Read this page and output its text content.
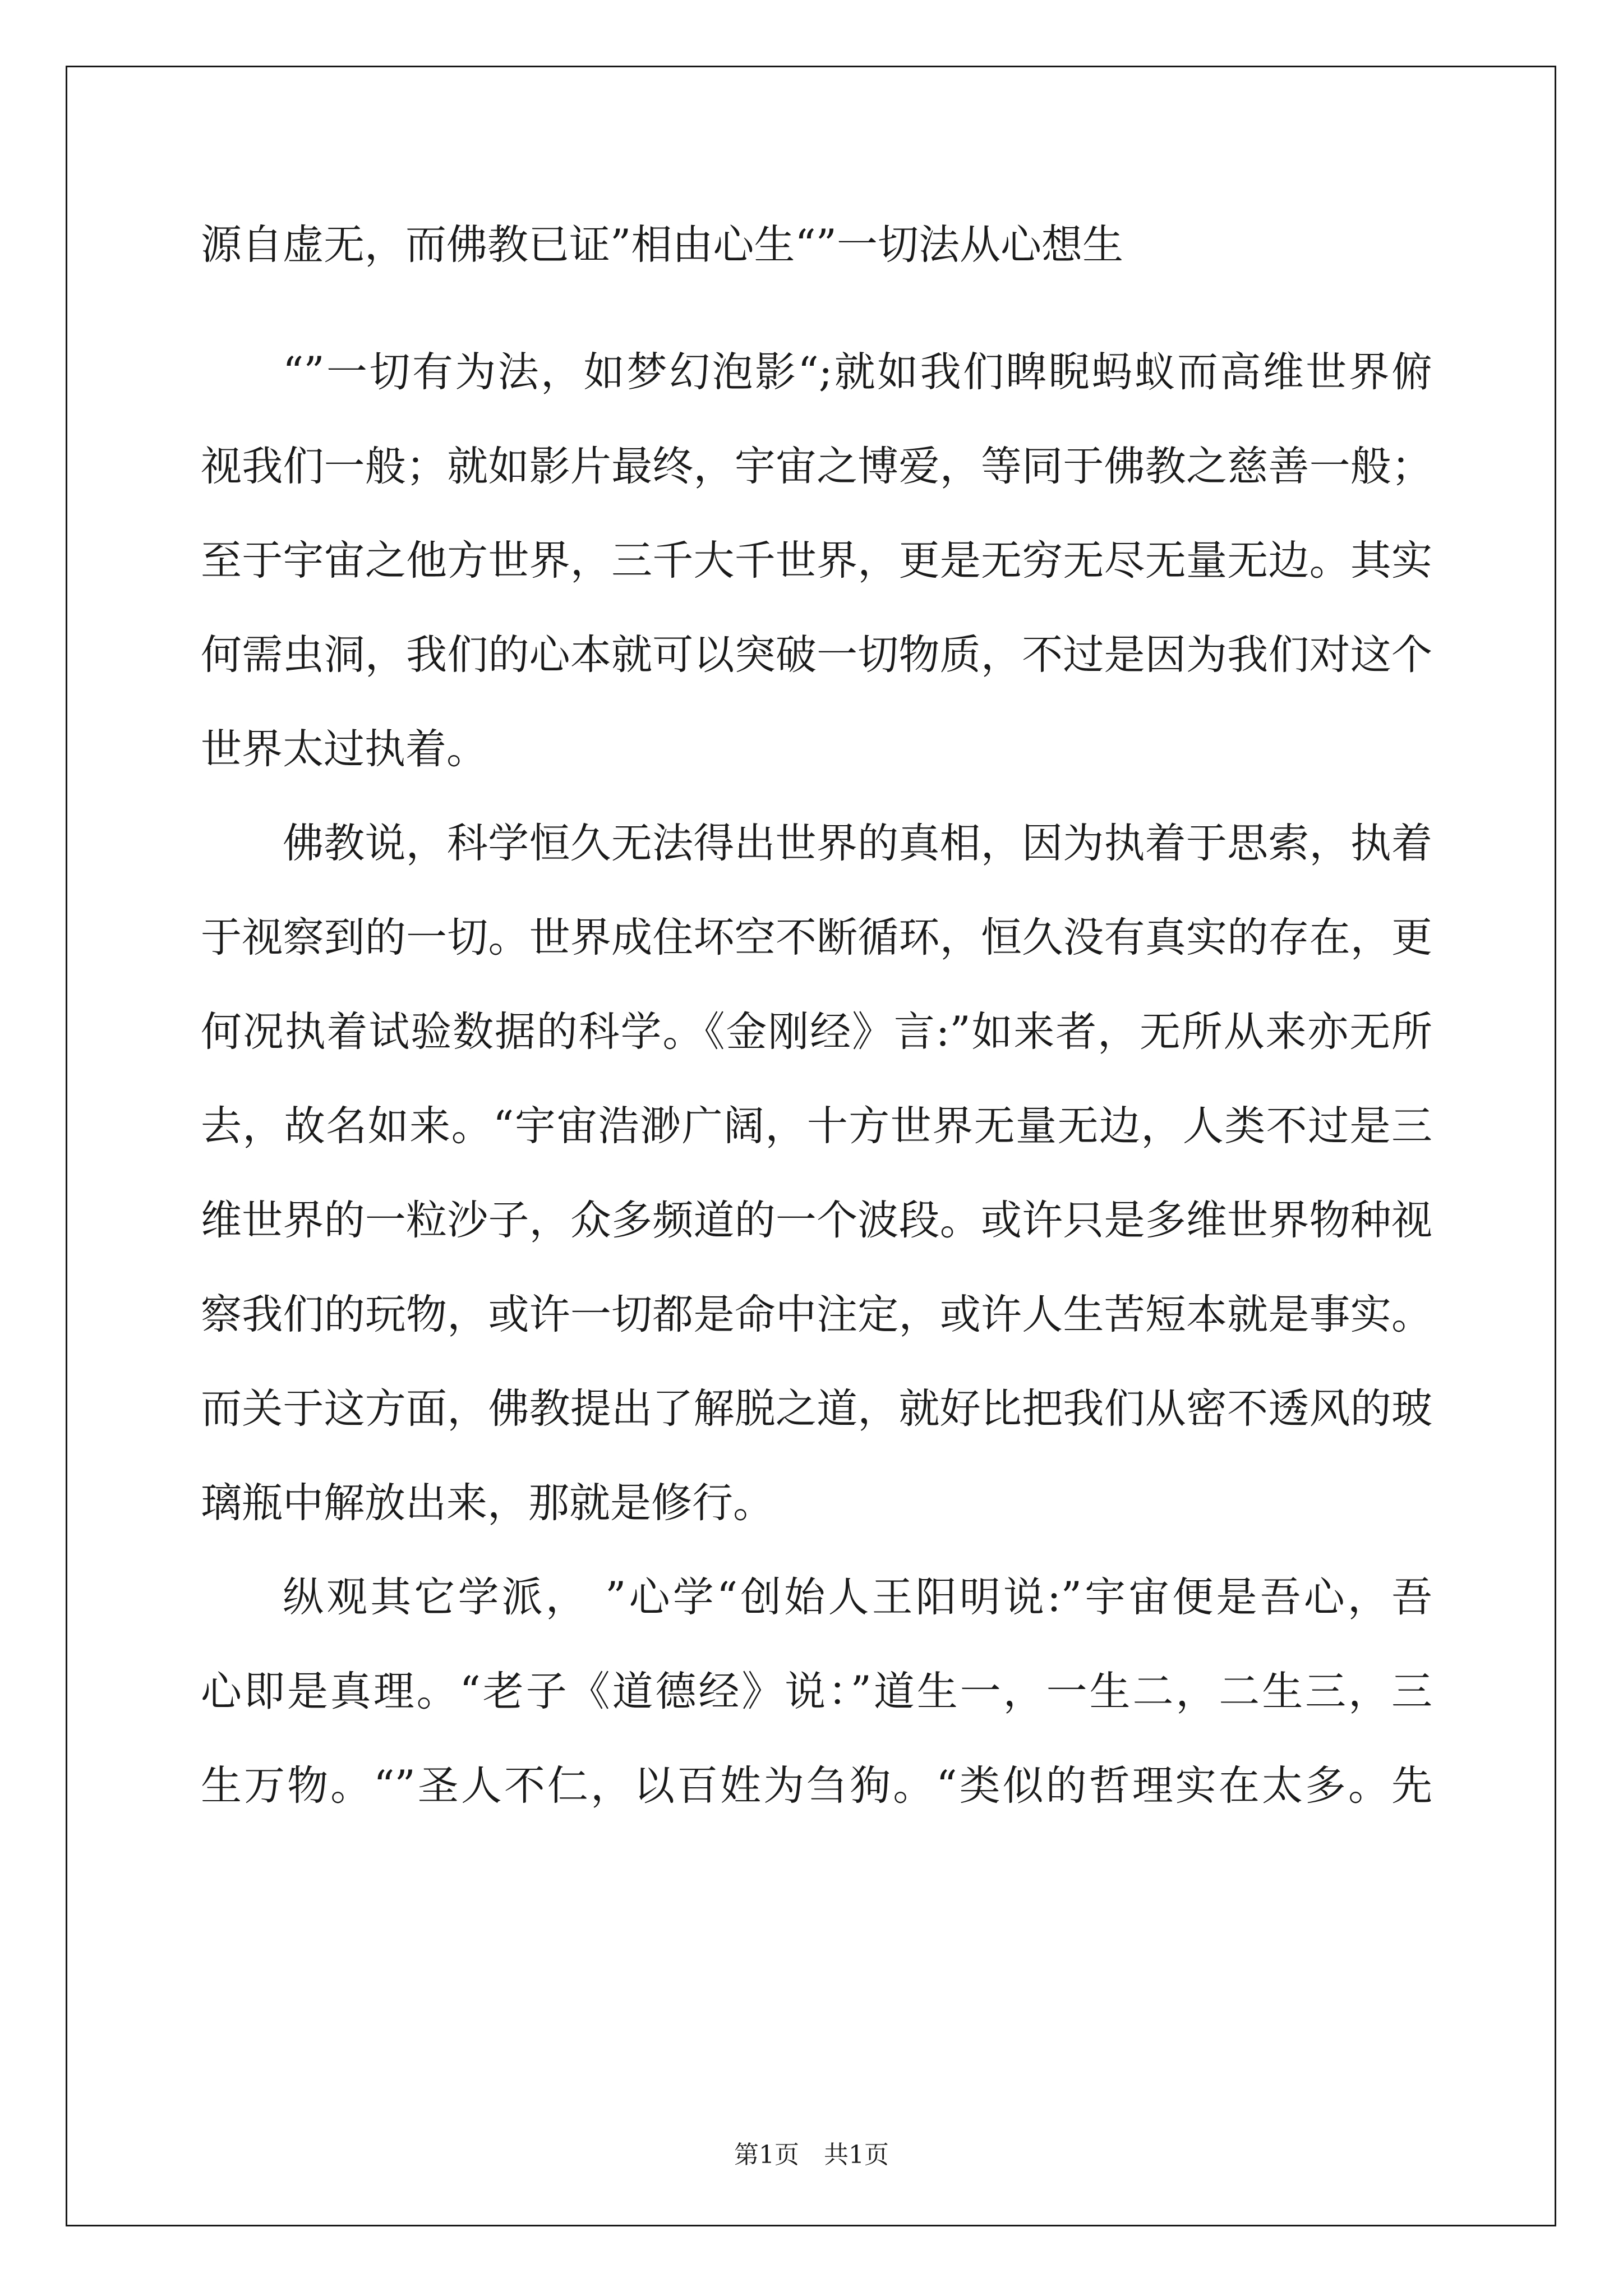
源自虚无，而佛教已证”相由心生“”一切法从心想生
“”一切有为法，如梦幻泡影“;就如我们睥睨蚂蚁而高维世界俯
视我们一般；就如影片最终，宇宙之博爱，等同于佛教之慈善一般；
至于宇宙之他方世界，三千大千世界，更是无穷无尽无量无边。其实
何需虫洞，我们的心本就可以突破一切物质，不过是因为我们对这个
世界太过执着。
佛教说，科学恒久无法得出世界的真相，因为执着于思索，执着
于视察到的一切。世界成住坏空不断循环，恒久没有真实的存在，更
何况执着试验数据的科学。《金刚经》言:”如来者，无所从来亦无所
去，故名如来。“宇宙浩渺广阔，十方世界无量无边，人类不过是三
维世界的一粒沙子，众多频道的一个波段。或许只是多维世界物种视
察我们的玩物，或许一切都是命中注定，或许人生苦短本就是事实。
而关于这方面，佛教提出了解脱之道，就好比把我们从密不透风的玻
璃瓶中解放出来，那就是修行。
纵观其它学派， ”心学“创始人王阳明说:”宇宙便是吾心，吾
心即是真理。“老子《道德经》说：”道生一，一生二，二生三，三
生万物。“”圣人不仁，以百姓为刍狗。“类似的哲理实在太多。先
第1页　共1页
